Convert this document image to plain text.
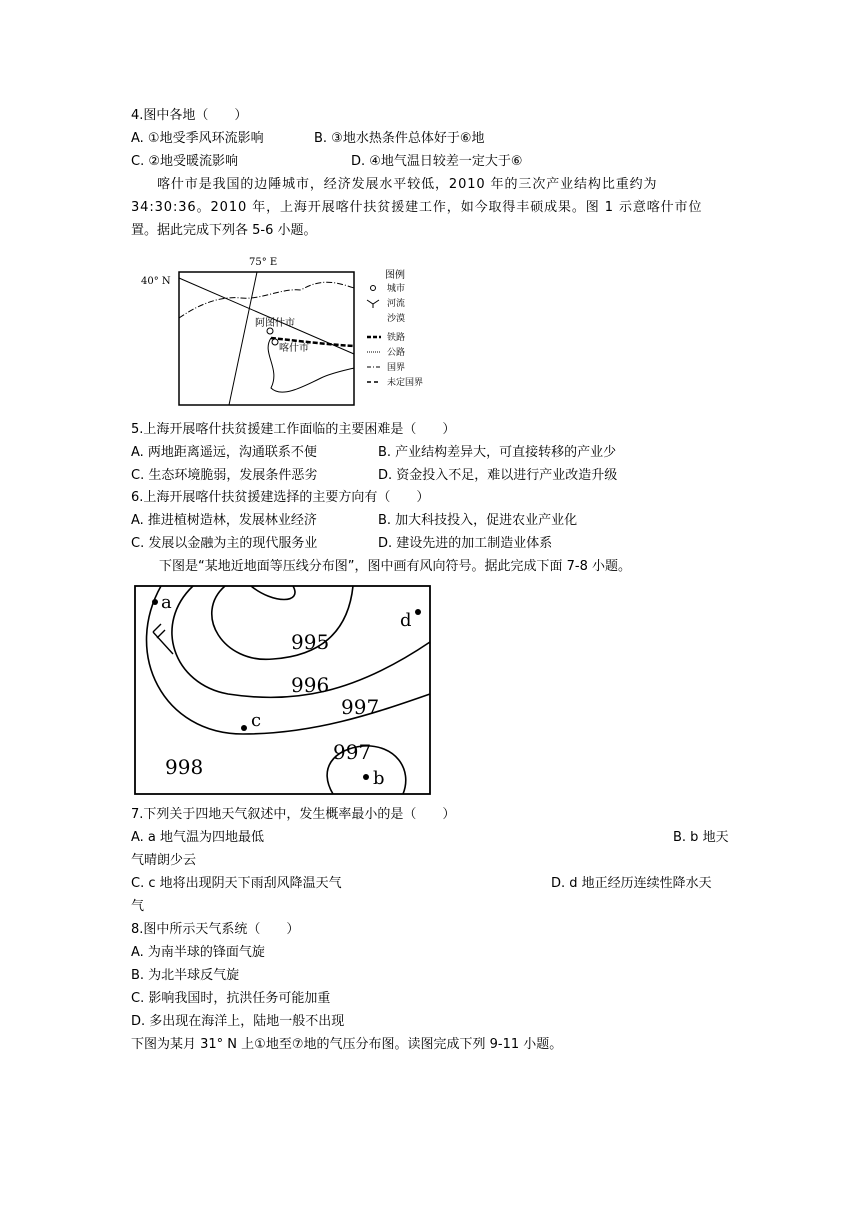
4.图中各地（　　）
A. ①地受季风环流影响	B. ③地水热条件总体好于⑥地
C. ②地受暖流影响	D. ④地气温日较差一定大于⑥
喀什市是我国的边陲城市，经济发展水平较低，2010 年的三次产业结构比重约为
34:30:36。2010 年，上海开展喀什扶贫援建工作，如今取得丰硕成果。图 1 示意喀什市位
置。据此完成下列各 5-6 小题。
75° E
40° N
阿图什市
喀什市
图例
城市
河流
沙漠
铁路
公路
国界
未定国界
5.上海开展喀什扶贫援建工作面临的主要困难是（　　）
A. 两地距离遥远，沟通联系不便	B. 产业结构差异大，可直接转移的产业少
C. 生态环境脆弱，发展条件恶劣	D. 资金投入不足，难以进行产业改造升级
6.上海开展喀什扶贫援建选择的主要方向有（　　）
A. 推进植树造林，发展林业经济	B. 加大科技投入，促进农业产业化
C. 发展以金融为主的现代服务业	D. 建设先进的加工制造业体系
下图是“某地近地面等压线分布图”，图中画有风向符号。据此完成下面 7-8 小题。
995
996
997
997
998
a
b
c
d
7.下列关于四地天气叙述中，发生概率最小的是（　　）
A. a 地气温为四地最低	B. b 地天
气晴朗少云
C. c 地将出现阴天下雨刮风降温天气	D. d 地正经历连续性降水天
气
8.图中所示天气系统（　　）
A. 为南半球的锋面气旋
B. 为北半球反气旋
C. 影响我国时，抗洪任务可能加重
D. 多出现在海洋上，陆地一般不出现
下图为某月 31° N 上①地至⑦地的气压分布图。读图完成下列 9-11 小题。
